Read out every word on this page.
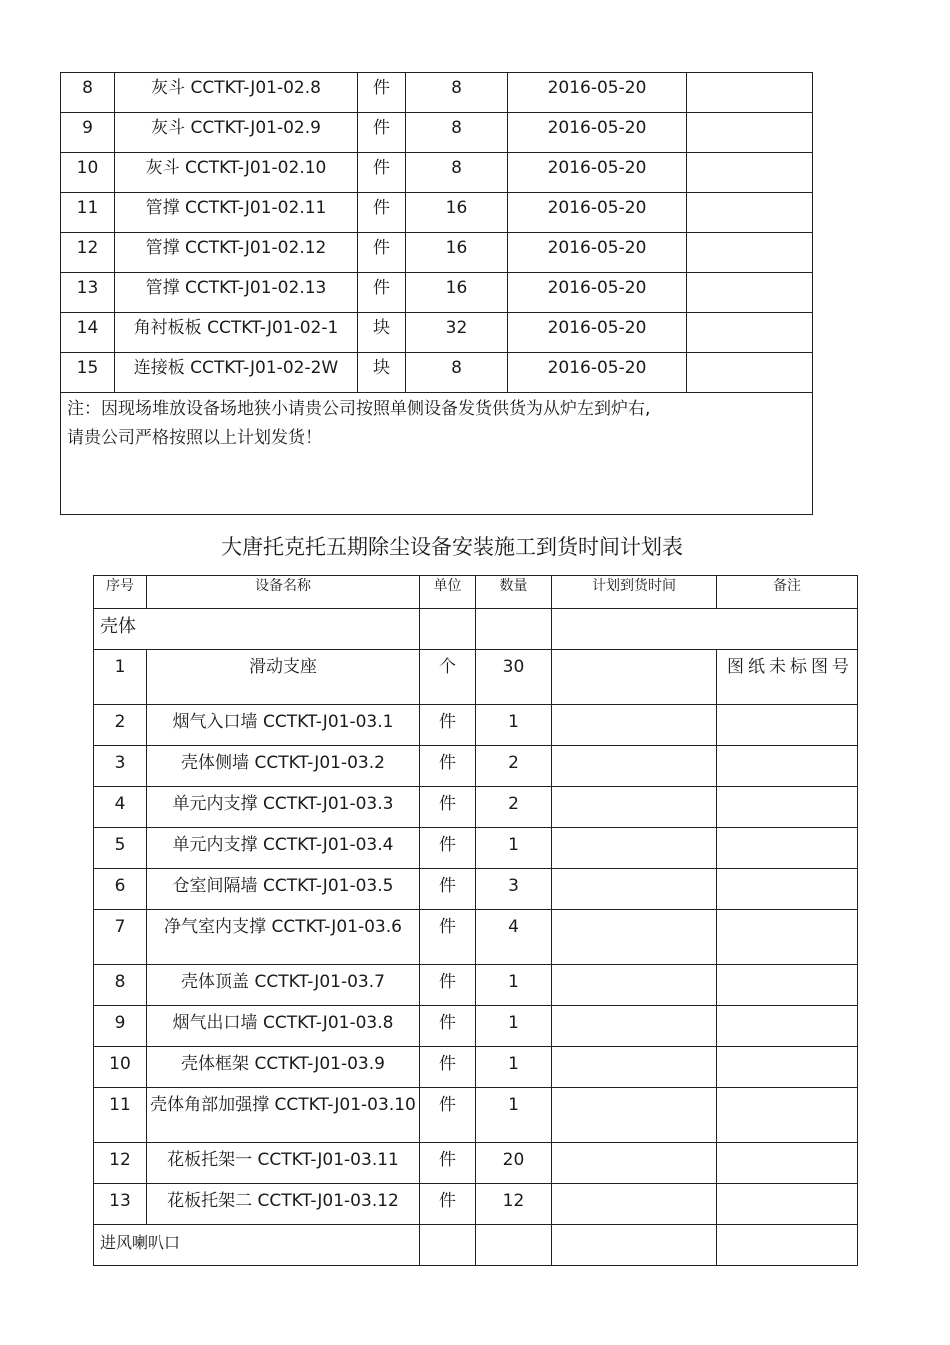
8	灰斗 CCTKT-J01-02.8	件	8	2016-05-20	
9	灰斗 CCTKT-J01-02.9	件	8	2016-05-20	
10	灰斗 CCTKT-J01-02.10	件	8	2016-05-20	
11	管撑 CCTKT-J01-02.11	件	16	2016-05-20	
12	管撑 CCTKT-J01-02.12	件	16	2016-05-20	
13	管撑 CCTKT-J01-02.13	件	16	2016-05-20	
14	角衬板板 CCTKT-J01-02-1	块	32	2016-05-20	
15	连接板 CCTKT-J01-02-2W	块	8	2016-05-20	

注：因现场堆放设备场地狭小请贵公司按照单侧设备发货供货为从炉左到炉右,
请贵公司严格按照以上计划发货！					
大唐托克托五期除尘设备安装施工到货时间计划表
序号	设备名称	单位	数量	计划到货时间	备注
壳体					
1	滑动支座	个	30		图纸未标图号
2	烟气入口墙 CCTKT-J01-03.1	件	1		
3	壳体侧墙 CCTKT-J01-03.2	件	2		
4	单元内支撑 CCTKT-J01-03.3	件	2		
5	单元内支撑 CCTKT-J01-03.4	件	1		
6	仓室间隔墙 CCTKT-J01-03.5	件	3		
7	净气室内支撑 CCTKT-J01-03.6	件	4		
8	壳体顶盖 CCTKT-J01-03.7	件	1		
9	烟气出口墙 CCTKT-J01-03.8	件	1		
10	壳体框架 CCTKT-J01-03.9	件	1		
11	壳体角部加强撑 CCTKT-J01-03.10	件	1		
12	花板托架一 CCTKT-J01-03.11	件	20		
13	花板托架二 CCTKT-J01-03.12	件	12		
进风喇叭口					
